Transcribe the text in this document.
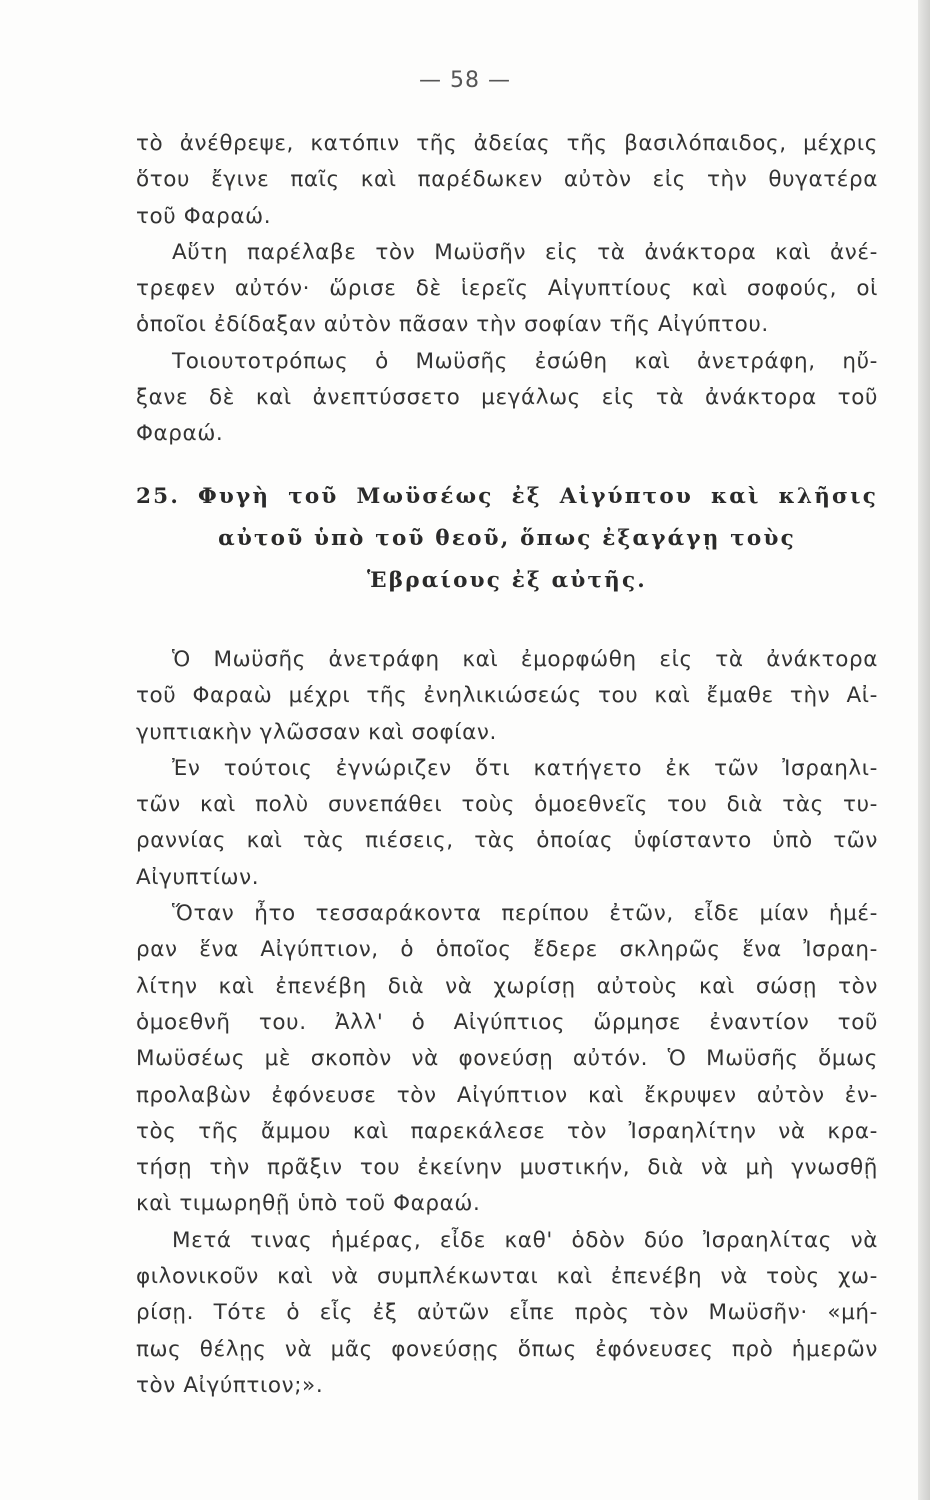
— 58 —
τὸ ἀνέθρεψε, κατόπιν τῆς ἀδείας τῆς βασιλόπαιδος, μέχρις
ὅτου ἔγινε παῖς καὶ παρέδωκεν αὐτὸν εἰς τὴν θυγατέρα
τοῦ Φαραώ.
Αὕτη παρέλαβε τὸν Μωϋσῆν εἰς τὰ ἀνάκτορα καὶ ἀνέ-
τρεφεν αὐτόν· ὥρισε δὲ ἱερεῖς Αἰγυπτίους καὶ σοφούς, οἱ
ὁποῖοι ἐδίδαξαν αὐτὸν πᾶσαν τὴν σοφίαν τῆς Αἰγύπτου.
Τοιουτοτρόπως ὁ Μωϋσῆς ἐσώθη καὶ ἀνετράφη, ηὔ-
ξανε δὲ καὶ ἀνεπτύσσετο μεγάλως εἰς τὰ ἀνάκτορα τοῦ
Φαραώ.
25. Φυγὴ τοῦ Μωϋσέως ἐξ Αἰγύπτου καὶ κλῆσις
αὐτοῦ ὑπὸ τοῦ θεοῦ, ὅπως ἐξαγάγῃ τοὺς
Ἑβραίους ἐξ αὐτῆς.
Ὁ Μωϋσῆς ἀνετράφη καὶ ἐμορφώθη εἰς τὰ ἀνάκτορα
τοῦ Φαραὼ μέχρι τῆς ἐνηλικιώσεώς του καὶ ἔμαθε τὴν Αἰ-
γυπτιακὴν γλῶσσαν καὶ σοφίαν.
Ἐν τούτοις ἐγνώριζεν ὅτι κατήγετο ἐκ τῶν Ἰσραηλι-
τῶν καὶ πολὺ συνεπάθει τοὺς ὁμοεθνεῖς του διὰ τὰς τυ-
ραννίας καὶ τὰς πιέσεις, τὰς ὁποίας ὑφίσταντο ὑπὸ τῶν
Αἰγυπτίων.
Ὅταν ἦτο τεσσαράκοντα περίπου ἐτῶν, εἶδε μίαν ἡμέ-
ραν ἕνα Αἰγύπτιον, ὁ ὁποῖος ἔδερε σκληρῶς ἕνα Ἰσραη-
λίτην καὶ ἐπενέβη διὰ νὰ χωρίσῃ αὐτοὺς καὶ σώσῃ τὸν
ὁμοεθνῆ του. Ἀλλ' ὁ Αἰγύπτιος ὥρμησε ἐναντίον τοῦ
Μωϋσέως μὲ σκοπὸν νὰ φονεύσῃ αὐτόν. Ὁ Μωϋσῆς ὅμως
προλαβὼν ἐφόνευσε τὸν Αἰγύπτιον καὶ ἔκρυψεν αὐτὸν ἐν-
τὸς τῆς ἄμμου καὶ παρεκάλεσε τὸν Ἰσραηλίτην νὰ κρα-
τήσῃ τὴν πρᾶξιν του ἐκείνην μυστικήν, διὰ νὰ μὴ γνωσθῇ
καὶ τιμωρηθῇ ὑπὸ τοῦ Φαραώ.
Μετά τινας ἡμέρας, εἶδε καθ' ὁδὸν δύο Ἰσραηλίτας νὰ
φιλονικοῦν καὶ νὰ συμπλέκωνται καὶ ἐπενέβη νὰ τοὺς χω-
ρίσῃ. Τότε ὁ εἷς ἐξ αὐτῶν εἶπε πρὸς τὸν Μωϋσῆν· «μή-
πως θέλῃς νὰ μᾶς φονεύσῃς ὅπως ἐφόνευσες πρὸ ἡμερῶν
τὸν Αἰγύπτιον;».
